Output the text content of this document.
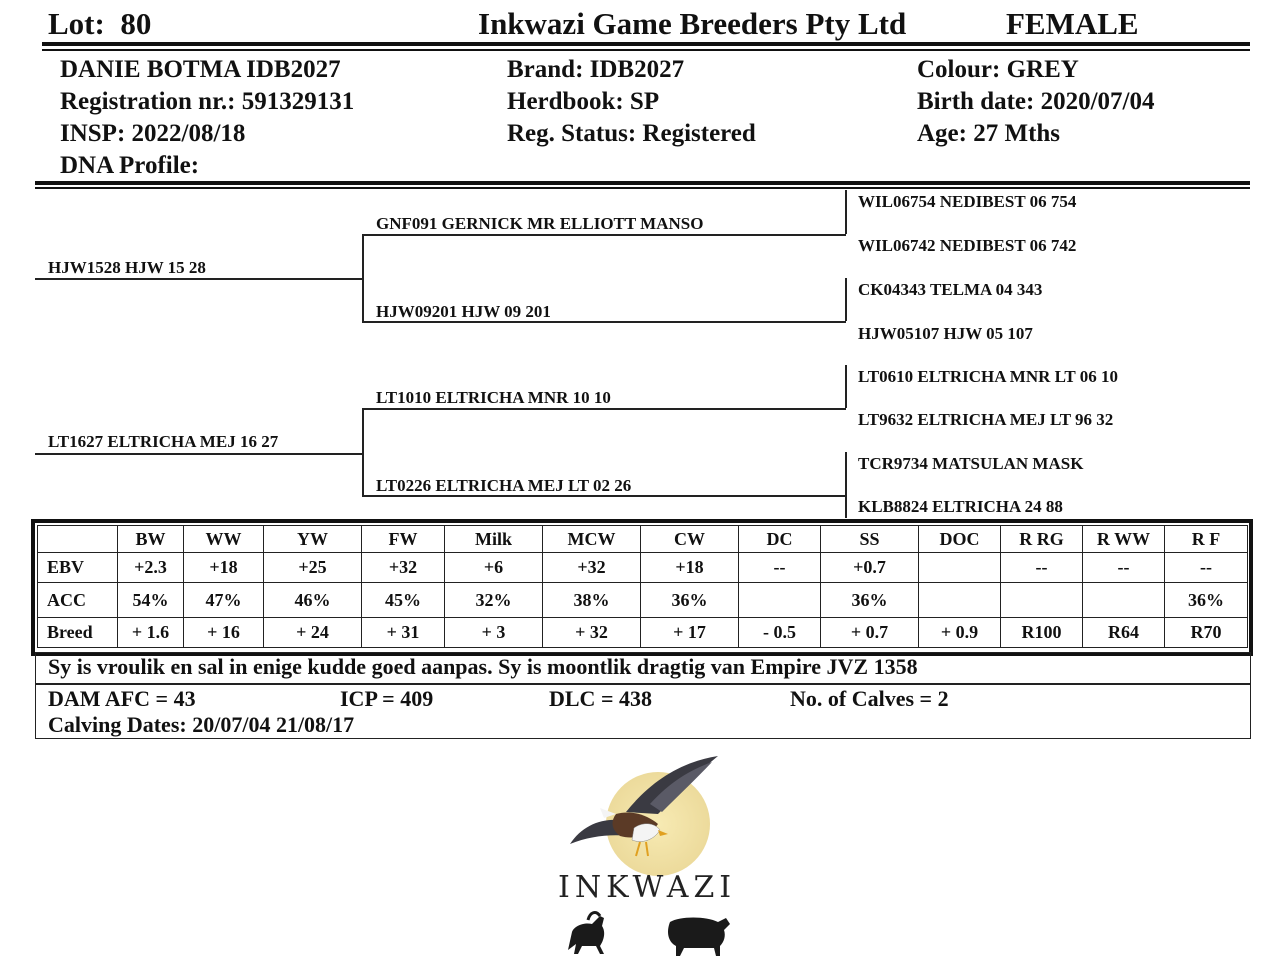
Lot: 80	Inkwazi Game Breeders Pty Ltd	FEMALE
DANIE BOTMA IDB2027
Registration nr.: 591329131
INSP: 2022/08/18
DNA Profile:
Brand: IDB2027
Herdbook: SP
Reg. Status: Registered
Colour: GREY
Birth date: 2020/07/04
Age: 27 Mths
HJW1528 HJW 15 28
LT1627 ELTRICHA MEJ 16 27
GNF091 GERNICK MR ELLIOTT MANSO
HJW09201 HJW 09 201
LT1010 ELTRICHA MNR 10 10
LT0226 ELTRICHA MEJ LT 02 26
WIL06754 NEDIBEST 06 754
WIL06742 NEDIBEST 06 742
CK04343 TELMA 04 343
HJW05107 HJW 05 107
LT0610 ELTRICHA MNR LT 06 10
LT9632 ELTRICHA MEJ LT 96 32
TCR9734 MATSULAN MASK
KLB8824 ELTRICHA 24 88
	BW	WW	YW	FW	Milk	MCW	CW	DC	SS	DOC	R RG	R WW	R F
EBV	+2.3	+18	+25	+32	+6	+32	+18	--	+0.7		--	--	--
ACC	54%	47%	46%	45%	32%	38%	36%		36%				36%
Breed	+ 1.6	+ 16	+ 24	+ 31	+ 3	+ 32	+ 17	- 0.5	+ 0.7	+ 0.9	R100	R64	R70
Sy is vroulik en sal in enige kudde goed aanpas. Sy is moontlik dragtig van Empire JVZ 1358
DAM AFC = 43	ICP = 409	DLC = 438	No. of Calves = 2
Calving Dates: 20/07/04 21/08/17
INKWAZI
